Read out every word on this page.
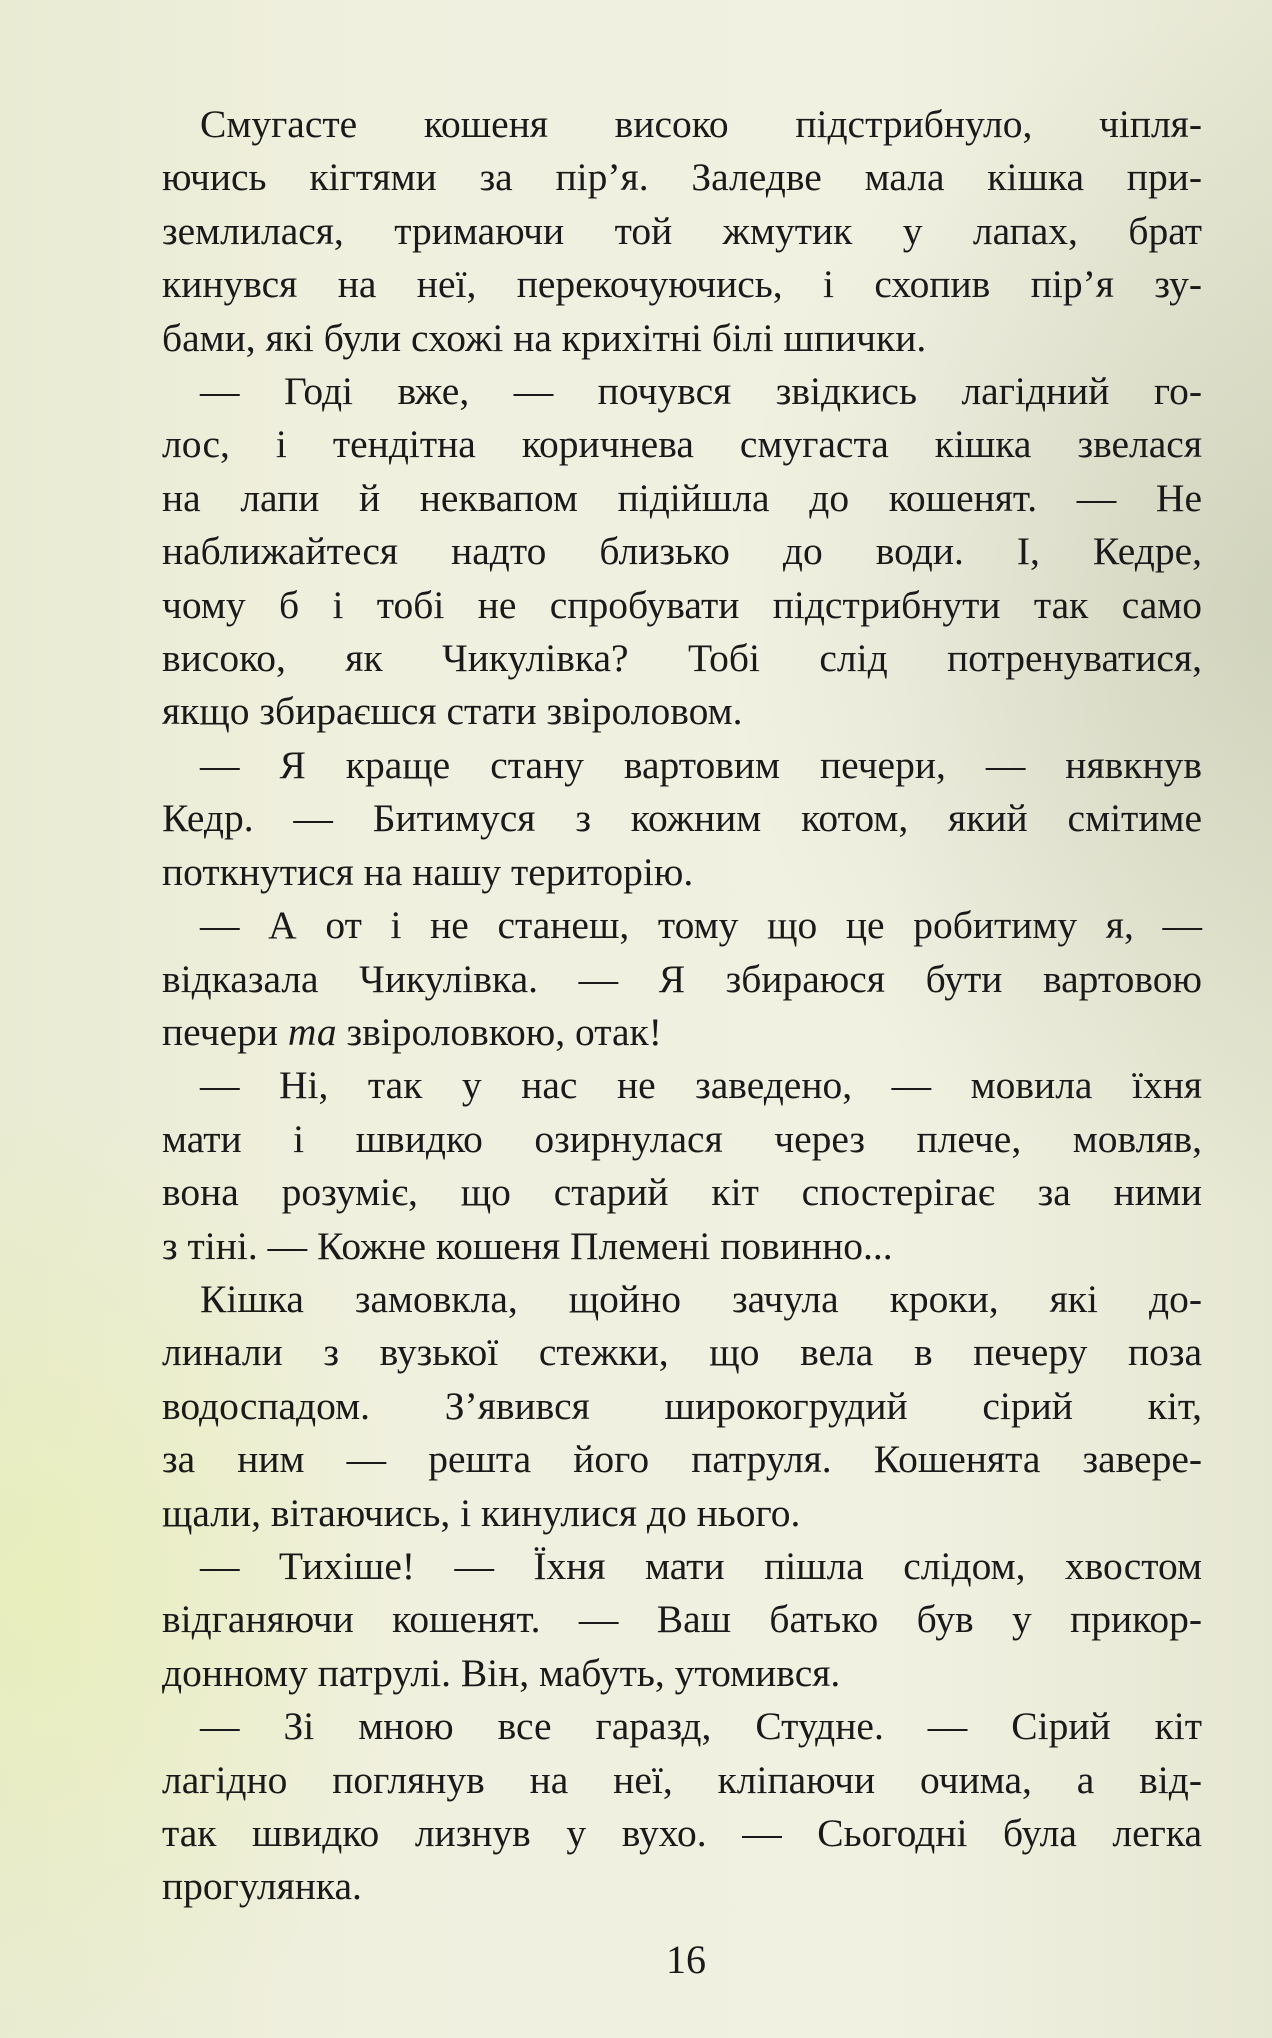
Смугасте кошеня високо підстрибнуло, чіпля-
ючись кігтями за пір’я. Заледве мала кішка при-
землилася, тримаючи той жмутик у лапах, брат
кинувся на неї, перекочуючись, і схопив пір’я зу-
бами, які були схожі на крихітні білі шпички.

— Годі вже, — почувся звідкись лагідний го-
лос, і тендітна коричнева смугаста кішка звелася
на лапи й неквапом підійшла до кошенят. — Не
наближайтеся надто близько до води. І, Кедре,
чому б і тобі не спробувати підстрибнути так само
високо, як Чикулівка? Тобі слід потренуватися,
якщо збираєшся стати звіроловом.

— Я краще стану вартовим печери, — нявкнув
Кедр. — Битимуся з кожним котом, який смітиме
поткнутися на нашу територію.

— А от і не станеш, тому що це робитиму я, —
відказала Чикулівка. — Я збираюся бути вартовою
печери та звіроловкою, отак!

— Ні, так у нас не заведено, — мовила їхня
мати і швидко озирнулася через плече, мовляв,
вона розуміє, що старий кіт спостерігає за ними
з тіні. — Кожне кошеня Племені повинно...

Кішка замовкла, щойно зачула кроки, які до-
линали з вузької стежки, що вела в печеру поза
водоспадом. З’явився широкогрудий сірий кіт,
за ним — решта його патруля. Кошенята завере-
щали, вітаючись, і кинулися до нього.

— Тихіше! — Їхня мати пішла слідом, хвостом
відганяючи кошенят. — Ваш батько був у прикор-
донному патрулі. Він, мабуть, утомився.

— Зі мною все гаразд, Студне. — Сірий кіт
лагідно поглянув на неї, кліпаючи очима, а від-
так швидко лизнув у вухо. — Сьогодні була легка
прогулянка.

16
